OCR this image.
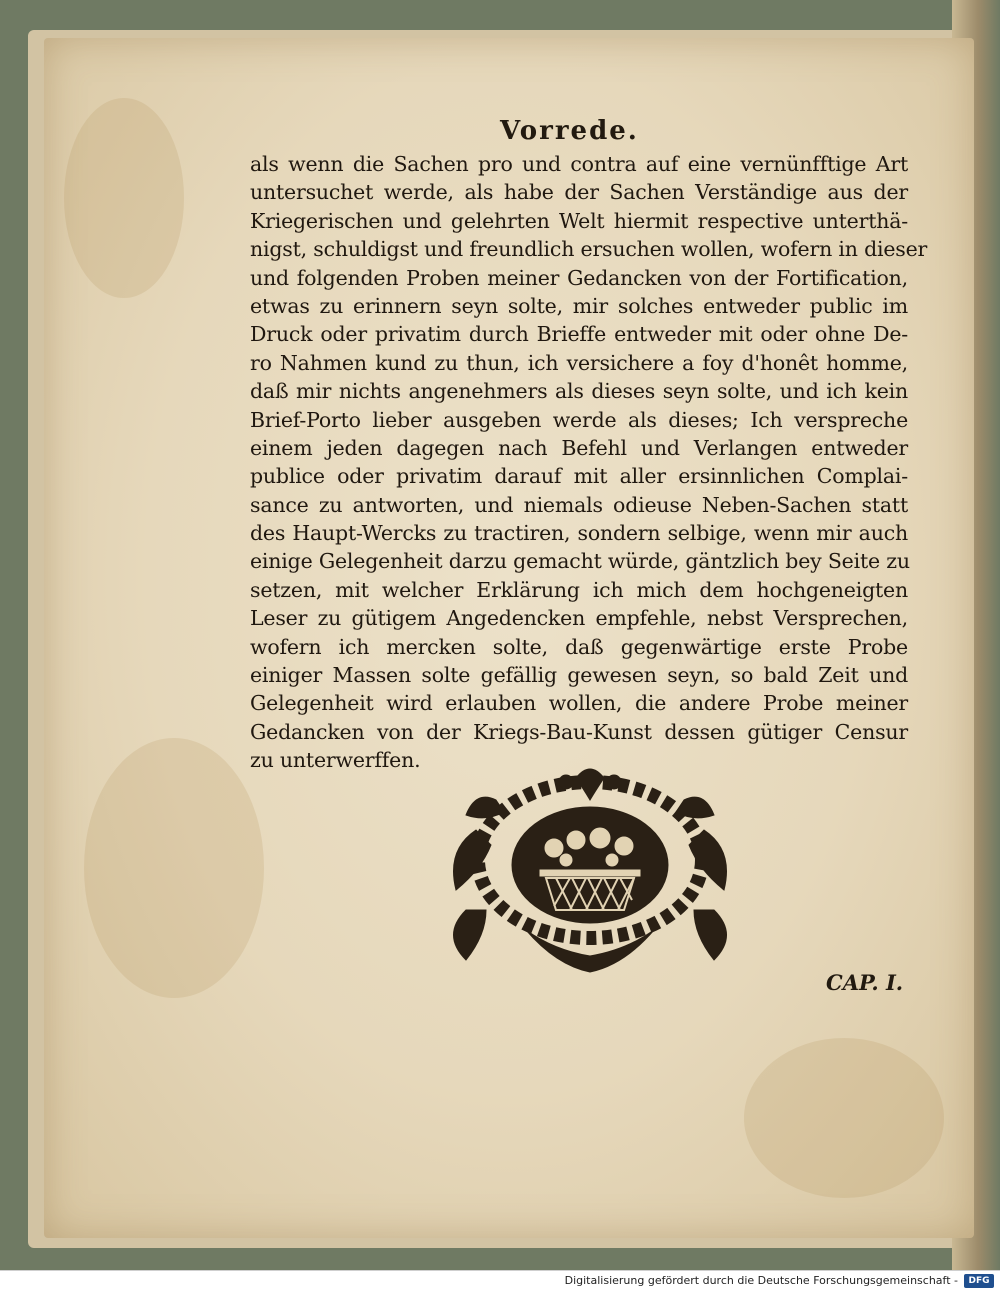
Vorrede.
als wenn die Sachen pro und contra auf eine vernünfftige Art
untersuchet werde, als habe der Sachen Verständige aus der
Kriegerischen und gelehrten Welt hiermit respective unterthä-
nigst, schuldigst und freundlich ersuchen wollen, wofern in dieser
und folgenden Proben meiner Gedancken von der Fortification,
etwas zu erinnern seyn solte, mir solches entweder public im
Druck oder privatim durch Brieffe entweder mit oder ohne De-
ro Nahmen kund zu thun, ich versichere a foy d'honêt homme,
daß mir nichts angenehmers als dieses seyn solte, und ich kein
Brief-Porto lieber ausgeben werde als dieses; Ich verspreche
einem jeden dagegen nach Befehl und Verlangen entweder
publice oder privatim darauf mit aller ersinnlichen Complai-
sance zu antworten, und niemals odieuse Neben-Sachen statt
des Haupt-Wercks zu tractiren, sondern selbige, wenn mir auch
einige Gelegenheit darzu gemacht würde, gäntzlich bey Seite zu
setzen, mit welcher Erklärung ich mich dem hochgeneigten
Leser zu gütigem Angedencken empfehle, nebst Versprechen,
wofern ich mercken solte, daß gegenwärtige erste Probe
einiger Massen solte gefällig gewesen seyn, so bald Zeit und
Gelegenheit wird erlauben wollen, die andere Probe meiner
Gedancken von der Kriegs-Bau-Kunst dessen gütiger Censur
zu unterwerffen.
CAP. I.
Digitalisierung gefördert durch die Deutsche Forschungsgemeinschaft -	DFG
